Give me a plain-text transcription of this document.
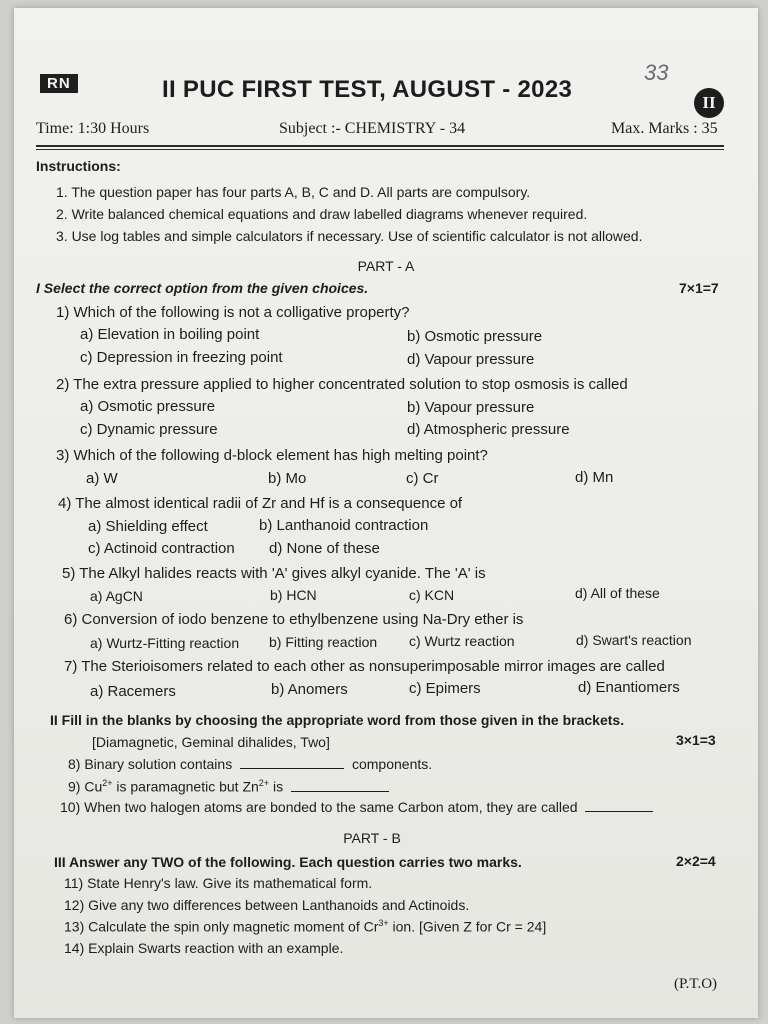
RN	II PUC FIRST TEST, AUGUST - 2023
33
II
Time: 1:30 Hours	Subject :- CHEMISTRY - 34	Max. Marks : 35
Instructions:
1. The question paper has four parts A, B, C and D. All parts are compulsory.
2. Write balanced chemical equations and draw labelled diagrams whenever required.
3. Use log tables and simple calculators if necessary. Use of scientific calculator is not allowed.
PART - A
I Select the correct option from the given choices.	7×1=7
1) Which of the following is not a colligative property?
a) Elevation in boiling point	b) Osmotic pressure
c) Depression in freezing point	d) Vapour pressure
2) The extra pressure applied to higher concentrated solution to stop osmosis is called
a) Osmotic pressure	b) Vapour pressure
c) Dynamic pressure	d) Atmospheric pressure
3) Which of the following d-block element has high melting point?
a) W	b) Mo	c) Cr	d) Mn
4) The almost identical radii of Zr and Hf is a consequence of
a) Shielding effect	b) Lanthanoid contraction
c) Actinoid contraction d) None of these
5) The Alkyl halides reacts with 'A' gives alkyl cyanide. The 'A' is
a) AgCN	b) HCN	c) KCN	d) All of these
6) Conversion of iodo benzene to ethylbenzene using Na-Dry ether is
a) Wurtz-Fitting reaction b) Fitting reaction c) Wurtz reaction	d) Swart's reaction
7) The Sterioisomers related to each other as nonsuperimposable mirror images are called
a) Racemers	b) Anomers	c) Epimers	d) Enantiomers
II Fill in the blanks by choosing the appropriate word from those given in the brackets.
[Diamagnetic, Geminal dihalides, Two]	3×1=3
8) Binary solution contains	components.
9) $Cu^{2+}$ is paramagnetic but $Zn^{2+}$ is
10) When two halogen atoms are bonded to the same Carbon atom, they are called
PART - B
III Answer any TWO of the following. Each question carries two marks.	2×2=4
11) State Henry's law. Give its mathematical form.
12) Give any two differences between Lanthanoids and Actinoids.
13) Calculate the spin only magnetic moment of $Cr^{3+}$ ion. [Given Z for Cr = 24]
14) Explain Swarts reaction with an example.
(P.T.O)
